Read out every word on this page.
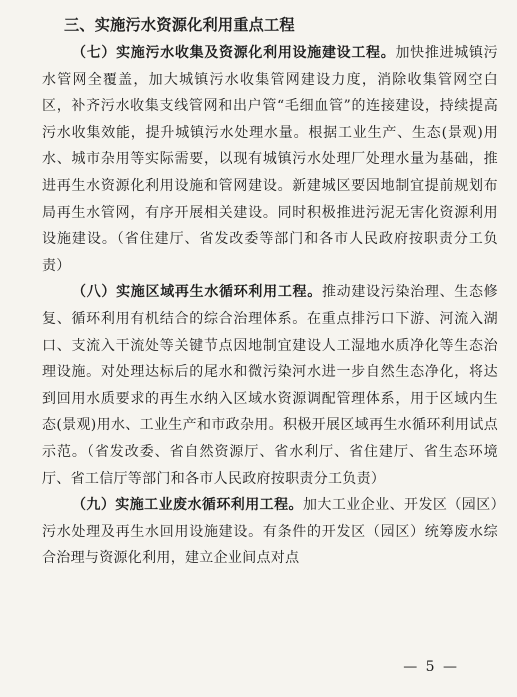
三、实施污水资源化利用重点工程

（七）实施污水收集及资源化利用设施建设工程。加快推进城镇污水管网全覆盖，加大城镇污水收集管网建设力度，消除收集管网空白区，补齐污水收集支线管网和出户管“毛细血管”的连接建设，持续提高污水收集效能，提升城镇污水处理水量。根据工业生产、生态(景观)用水、城市杂用等实际需要，以现有城镇污水处理厂处理水量为基础，推进再生水资源化利用设施和管网建设。新建城区要因地制宜提前规划布局再生水管网，有序开展相关建设。同时积极推进污泥无害化资源利用设施建设。（省住建厅、省发改委等部门和各市人民政府按职责分工负责）

（八）实施区域再生水循环利用工程。推动建设污染治理、生态修复、循环利用有机结合的综合治理体系。在重点排污口下游、河流入湖口、支流入干流处等关键节点因地制宜建设人工湿地水质净化等生态治理设施。对处理达标后的尾水和微污染河水进一步自然生态净化，将达到回用水质要求的再生水纳入区域水资源调配管理体系，用于区域内生态(景观)用水、工业生产和市政杂用。积极开展区域再生水循环利用试点示范。（省发改委、省自然资源厅、省水利厅、省住建厅、省生态环境厅、省工信厅等部门和各市人民政府按职责分工负责）

（九）实施工业废水循环利用工程。加大工业企业、开发区（园区）污水处理及再生水回用设施建设。有条件的开发区（园区）统筹废水综合治理与资源化利用，建立企业间点对点

— 5 —
